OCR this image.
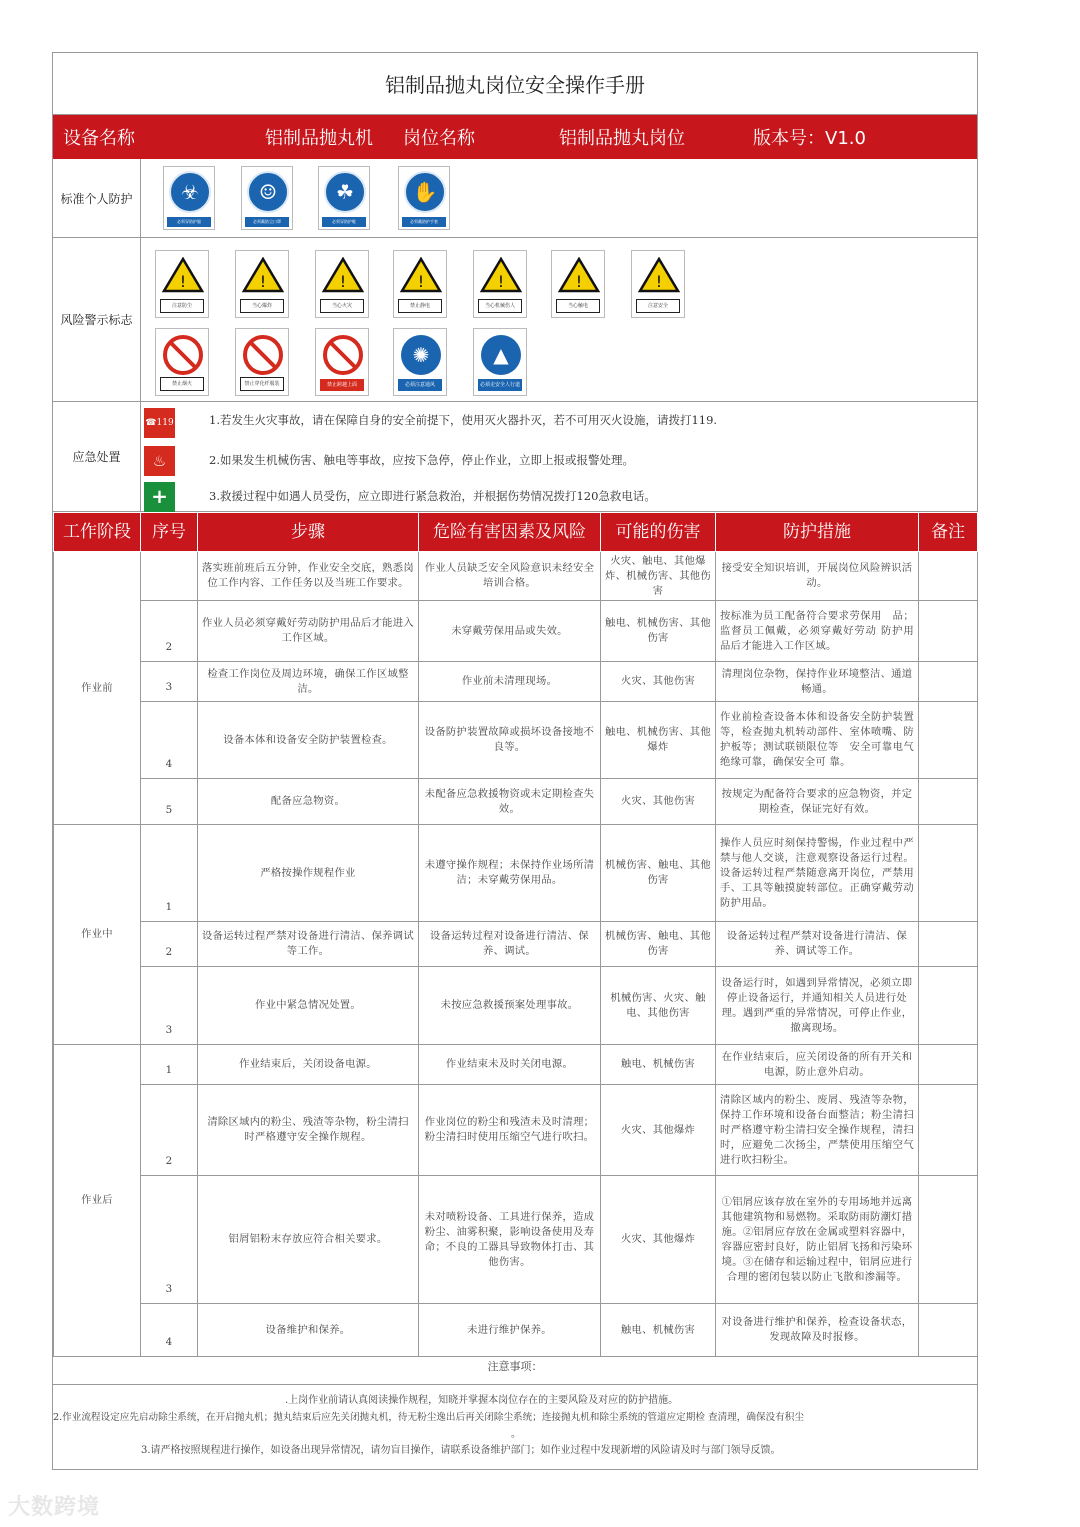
铝制品抛丸岗位安全操作手册
设备名称	铝制品抛丸机 岗位名称	铝制品抛丸岗位	版本号：V1.0
标准个人防护	☣
必须穿防护服
☺
必须戴防尘口罩
☘
必须穿防护鞋
✋
必须戴防护手套
风险警示标志
!
注意防尘
!
当心爆炸
!
当心火灾
!
禁止静电
!
当心机械伤人
!
当心触电
!
注意安全
禁止烟火	禁止穿化纤服装	禁止跨越上面
✺
必须注意通风
▲
必须走安全人行道
应急处置
☎119	1.若发生火灾事故，请在保障自身的安全前提下，使用灭火器扑灭，若不可用灭火设施，请拨打119.
♨	2.如果发生机械伤害、触电等事故，应按下急停，停止作业，立即上报或报警处理。
+	3.救援过程中如遇人员受伤，应立即进行紧急救治，并根据伤势情况拨打120急救电话。
工作阶段	序号	步骤	危险有害因素及风险	可能的伤害	防护措施	备注
作业前		落实班前班后五分钟，作业安全交底，熟悉岗位工作内容、工作任务以及当班工作要求。	作业人员缺乏安全风险意识未经安全培训合格。	火灾、触电、其他爆炸、机械伤害、其他伤害	接受安全知识培训，开展岗位风险辨识活动。	
	2	作业人员必须穿戴好劳动防护用品后才能进入工作区域。	未穿戴劳保用品或失效。	触电、机械伤害、其他伤害	按标准为员工配备符合要求劳保用　品；监督员工佩戴，必须穿戴好劳动 防护用品后才能进入工作区域。	
	3	检查工作岗位及周边环境，确保工作区域整洁。	作业前未清理现场。	火灾、其他伤害	清理岗位杂物，保持作业环境整洁、通道畅通。	
	4	设备本体和设备安全防护装置检查。	设备防护装置故障或损坏设备接地不良等。	触电、机械伤害、其他爆炸	作业前检查设备本体和设备安全防护装置等，检查抛丸机转动部件、室体喷嘴、防护板等；测试联锁限位等　安全可靠电气绝缘可靠，确保安全可 靠。	
	5	配备应急物资。	未配备应急救援物资或未定期检查失效。	火灾、其他伤害	按规定为配备符合要求的应急物资，并定期检查，保证完好有效。	
作业中	1	严格按操作规程作业	未遵守操作规程；未保持作业场所清洁；未穿戴劳保用品。	机械伤害、触电、其他伤害	操作人员应时刻保持警惕，作业过程中严禁与他人交谈，注意观察设备运行过程。设备运转过程严禁随意离开岗位，严禁用手、工具等触摸旋转部位。正确穿戴劳动防护用品。	
	2	设备运转过程严禁对设备进行清洁、保养调试等工作。	设备运转过程对设备进行清洁、保养、调试。	机械伤害、触电、其他伤害	设备运转过程严禁对设备进行清洁、保养、调试等工作。	
	3	作业中紧急情况处置。	未按应急救援预案处理事故。	机械伤害、火灾、触电、其他伤害	设备运行时，如遇到异常情况，必须立即停止设备运行，并通知相关人员进行处理。遇到严重的异常情况，可停止作业，撤离现场。	
作业后	1	作业结束后，关闭设备电源。	作业结束未及时关闭电源。	触电、机械伤害	在作业结束后，应关闭设备的所有开关和电源，防止意外启动。	
	2	清除区域内的粉尘、残渣等杂物，粉尘清扫 时严格遵守安全操作规程。	作业岗位的粉尘和残渣未及时清理；粉尘清扫时使用压缩空气进行吹扫。	火灾、其他爆炸	清除区域内的粉尘、废屑、残渣等杂物，保持工作环境和设备台面整洁；粉尘清扫时严格遵守粉尘清扫安全操作规程，清扫时，应避免二次扬尘，严禁使用压缩空气进行吹扫粉尘。	
	3	铝屑铝粉末存放应符合相关要求。	未对喷粉设备、工具进行保养，造成粉尘、油雾积聚，影响设备使用及寿命；不良的工器具导致物体打击、其他伤害。	火灾、其他爆炸	①铝屑应该存放在室外的专用场地并远离其他建筑物和易燃物。采取防雨防潮灯措施。②铝屑应存放在金属或塑料容器中，容器应密封良好，防止铝屑飞扬和污染环境。③在储存和运输过程中，铝屑应进行合理的密闭包装以防止飞散和渗漏等。	
	4	设备维护和保养。	未进行维护保养。	触电、机械伤害	对设备进行维护和保养，检查设备状态，发现故障及时报修。	
注意事项：
.上岗作业前请认真阅读操作规程，知晓并掌握本岗位存在的主要风险及对应的防护措施。
2.作业流程设定应先启动除尘系统，在开启抛丸机；抛丸结束后应先关闭抛丸机，待无粉尘逸出后再关闭除尘系统；连接抛丸机和除尘系统的管道应定期检 查清理，确保没有积尘
。
3.请严格按照规程进行操作，如设备出现异常情况，请勿盲目操作，请联系设备维护部门；如作业过程中发现新增的风险请及时与部门领导反馈。
大数跨境
